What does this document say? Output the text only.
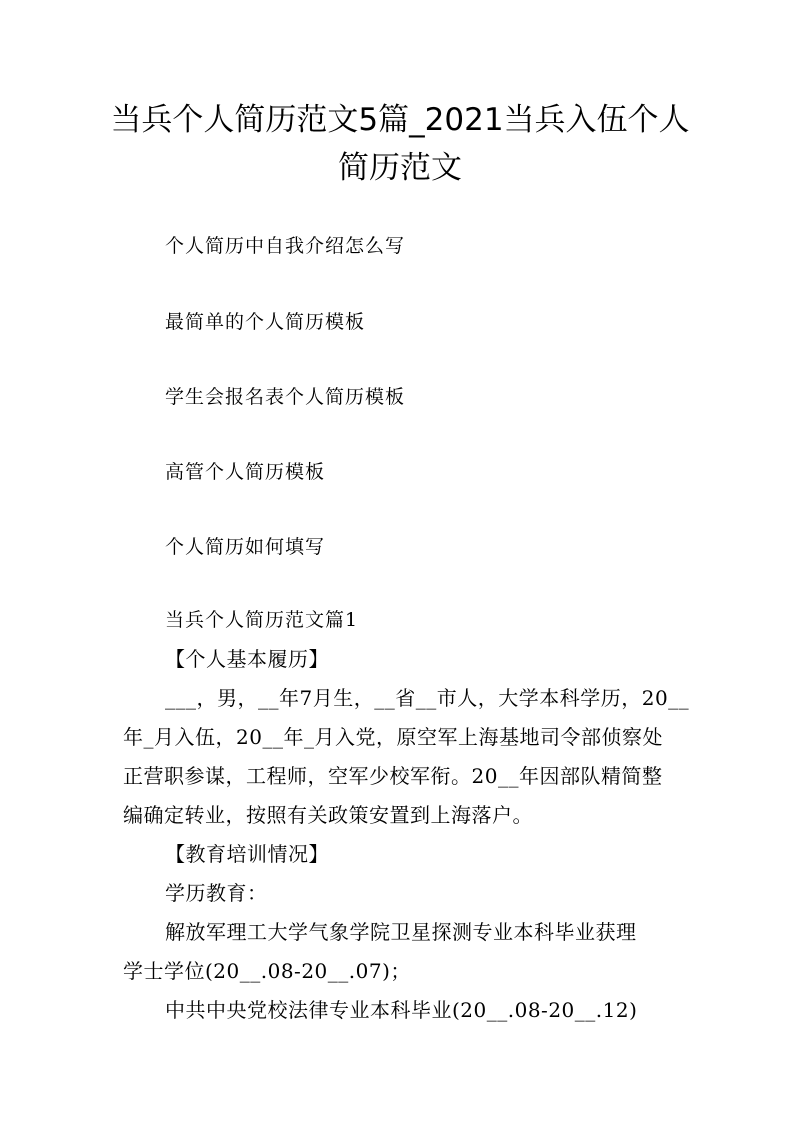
当兵个人简历范文5篇_2021当兵入伍个人
简历范文
个人简历中自我介绍怎么写
最简单的个人简历模板
学生会报名表个人简历模板
高管个人简历模板
个人简历如何填写
当兵个人简历范文篇1
【个人基本履历】
___，男，__年7月生，__省__市人，大学本科学历，20__
年_月入伍，20__年_月入党，原空军上海基地司令部侦察处
正营职参谋，工程师，空军少校军衔。20__年因部队精简整
编确定转业，按照有关政策安置到上海落户。
【教育培训情况】
学历教育：
解放军理工大学气象学院卫星探测专业本科毕业获理
学士学位(20__.08-20__.07)；
中共中央党校法律专业本科毕业(20__.08-20__.12)
